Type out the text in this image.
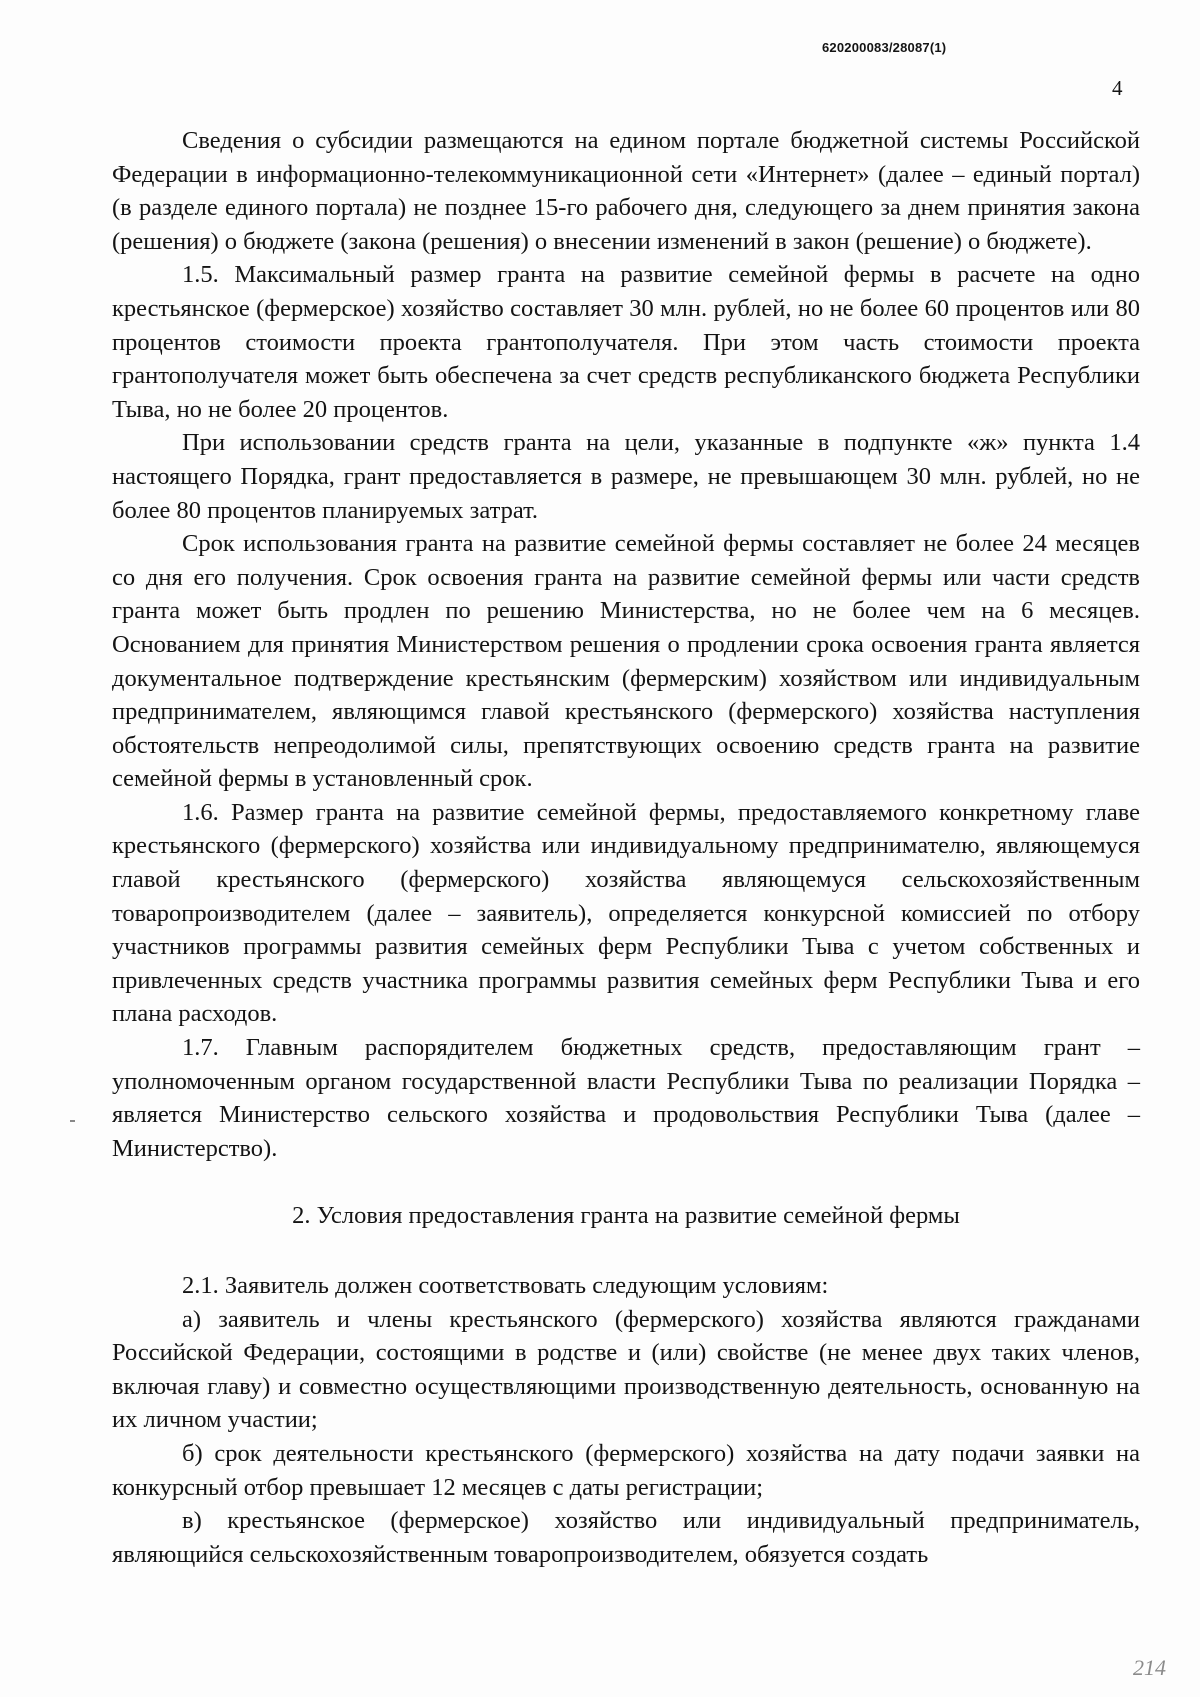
620200083/28087(1)
4

Сведения о субсидии размещаются на едином портале бюджетной системы Российской Федерации в информационно-телекоммуникационной сети «Интернет» (далее – единый портал) (в разделе единого портала) не позднее 15-го рабочего дня, следующего за днем принятия закона (решения) о бюджете (закона (решения) о внесении изменений в закон (решение) о бюджете).

1.5. Максимальный размер гранта на развитие семейной фермы в расчете на одно крестьянское (фермерское) хозяйство составляет 30 млн. рублей, но не более 60 процентов или 80 процентов стоимости проекта грантополучателя. При этом часть стоимости проекта грантополучателя может быть обеспечена за счет средств республиканского бюджета Республики Тыва, но не более 20 процентов.

При использовании средств гранта на цели, указанные в подпункте «ж» пункта 1.4 настоящего Порядка, грант предоставляется в размере, не превышающем 30 млн. рублей, но не более 80 процентов планируемых затрат.

Срок использования гранта на развитие семейной фермы составляет не более 24 месяцев со дня его получения. Срок освоения гранта на развитие семейной фермы или части средств гранта может быть продлен по решению Министерства, но не более чем на 6 месяцев. Основанием для принятия Министерством решения о продлении срока освоения гранта является документальное подтверждение крестьянским (фермерским) хозяйством или индивидуальным предпринимателем, являющимся главой крестьянского (фермерского) хозяйства наступления обстоятельств непреодолимой силы, препятствующих освоению средств гранта на развитие семейной фермы в установленный срок.

1.6. Размер гранта на развитие семейной фермы, предоставляемого конкретному главе крестьянского (фермерского) хозяйства или индивидуальному предпринимателю, являющемуся главой крестьянского (фермерского) хозяйства являющемуся сельскохозяйственным товаропроизводителем (далее – заявитель), определяется конкурсной комиссией по отбору участников программы развития семейных ферм Республики Тыва с учетом собственных и привлеченных средств участника программы развития семейных ферм Республики Тыва и его плана расходов.

1.7. Главным распорядителем бюджетных средств, предоставляющим грант – уполномоченным органом государственной власти Республики Тыва по реализации Порядка – является Министерство сельского хозяйства и продовольствия Республики Тыва (далее – Министерство).

2. Условия предоставления гранта на развитие семейной фермы

2.1. Заявитель должен соответствовать следующим условиям:

а) заявитель и члены крестьянского (фермерского) хозяйства являются гражданами Российской Федерации, состоящими в родстве и (или) свойстве (не менее двух таких членов, включая главу) и совместно осуществляющими производственную деятельность, основанную на их личном участии;

б) срок деятельности крестьянского (фермерского) хозяйства на дату подачи заявки на конкурсный отбор превышает 12 месяцев с даты регистрации;

в) крестьянское (фермерское) хозяйство или индивидуальный предприниматель, являющийся сельскохозяйственным товаропроизводителем, обязуется создать

214
